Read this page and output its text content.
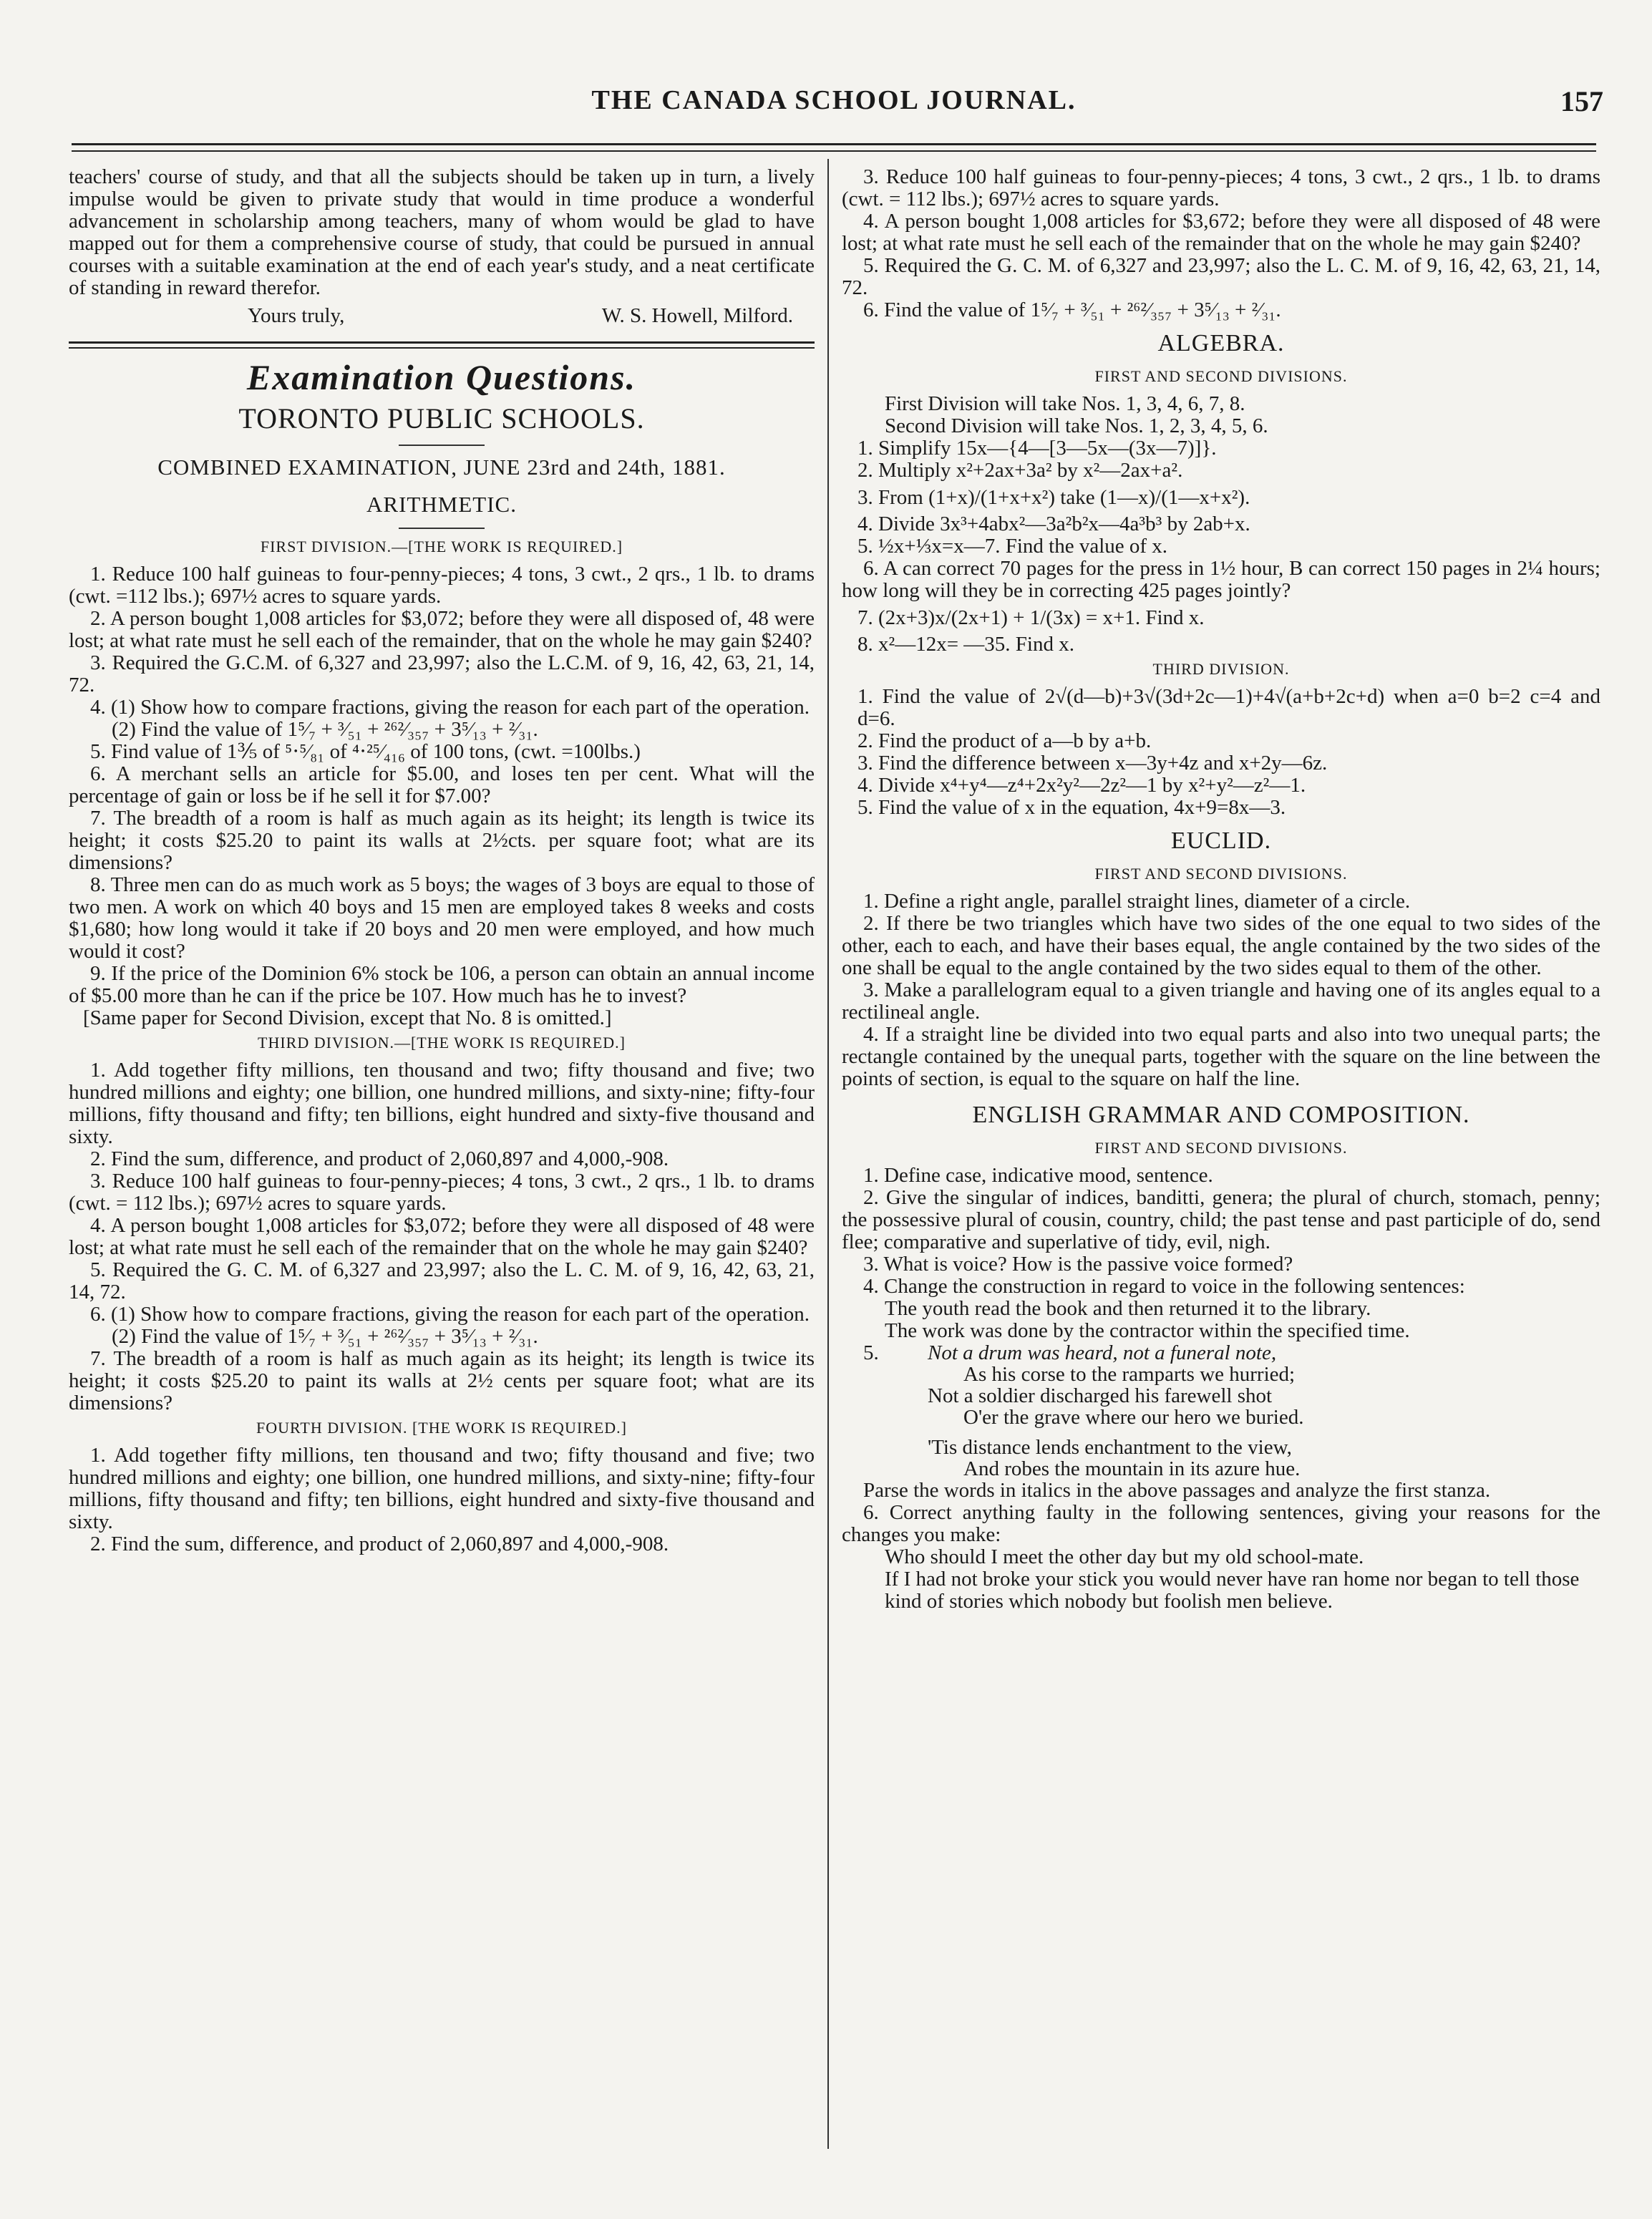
THE CANADA SCHOOL JOURNAL.	157

teachers' course of study, and that all the subjects should be taken up in turn, a lively impulse would be given to private study that would in time produce a wonderful advancement in scholarship among teachers, many of whom would be glad to have mapped out for them a comprehensive course of study, that could be pursued in annual courses with a suitable examination at the end of each year's study, and a neat certificate of standing in reward therefor.

Yours truly,	W. S. Howell, Milford.
Examination Questions.
TORONTO PUBLIC SCHOOLS.
COMBINED EXAMINATION, JUNE 23rd and 24th, 1881.
ARITHMETIC.
FIRST DIVISION.—[THE WORK IS REQUIRED.]

1. Reduce 100 half guineas to four-penny-pieces; 4 tons, 3 cwt., 2 qrs., 1 lb. to drams (cwt. =112 lbs.); 697½ acres to square yards.

2. A person bought 1,008 articles for $3,072; before they were all disposed of, 48 were lost; at what rate must he sell each of the remainder, that on the whole he may gain $240?

3. Required the G.C.M. of 6,327 and 23,997; also the L.C.M. of 9, 16, 42, 63, 21, 14, 72.

4. (1) Show how to compare fractions, giving the reason for each part of the operation.

(2) Find the value of 1⁵⁄₇ + ³⁄₅₁ + ²⁶²⁄₃₅₇ + 3⁵⁄₁₃ + ²⁄₃₁.

5. Find value of 1⅗ of ⁵⋅⁵⁄₈₁ of ⁴⋅²⁵⁄₄₁₆ of 100 tons, (cwt. =100lbs.)

6. A merchant sells an article for $5.00, and loses ten per cent. What will the percentage of gain or loss be if he sell it for $7.00?

7. The breadth of a room is half as much again as its height; its length is twice its height; it costs $25.20 to paint its walls at 2½cts. per square foot; what are its dimensions?

8. Three men can do as much work as 5 boys; the wages of 3 boys are equal to those of two men. A work on which 40 boys and 15 men are employed takes 8 weeks and costs $1,680; how long would it take if 20 boys and 20 men were employed, and how much would it cost?

9. If the price of the Dominion 6% stock be 106, a person can obtain an annual income of $5.00 more than he can if the price be 107. How much has he to invest?

[Same paper for Second Division, except that No. 8 is omitted.]

THIRD DIVISION.—[THE WORK IS REQUIRED.]

1. Add together fifty millions, ten thousand and two; fifty thousand and five; two hundred millions and eighty; one billion, one hundred millions, and sixty-nine; fifty-four millions, fifty thousand and fifty; ten billions, eight hundred and sixty-five thousand and sixty.

2. Find the sum, difference, and product of 2,060,897 and 4,000,-908.

3. Reduce 100 half guineas to four-penny-pieces; 4 tons, 3 cwt., 2 qrs., 1 lb. to drams (cwt. = 112 lbs.); 697½ acres to square yards.

4. A person bought 1,008 articles for $3,072; before they were all disposed of 48 were lost; at what rate must he sell each of the remainder that on the whole he may gain $240?

5. Required the G. C. M. of 6,327 and 23,997; also the L. C. M. of 9, 16, 42, 63, 21, 14, 72.

6. (1) Show how to compare fractions, giving the reason for each part of the operation.

(2) Find the value of 1⁵⁄₇ + ³⁄₅₁ + ²⁶²⁄₃₅₇ + 3⁵⁄₁₃ + ²⁄₃₁.

7. The breadth of a room is half as much again as its height; its length is twice its height; it costs $25.20 to paint its walls at 2½ cents per square foot; what are its dimensions?

FOURTH DIVISION. [THE WORK IS REQUIRED.]

1. Add together fifty millions, ten thousand and two; fifty thousand and five; two hundred millions and eighty; one billion, one hundred millions, and sixty-nine; fifty-four millions, fifty thousand and fifty; ten billions, eight hundred and sixty-five thousand and sixty.

2. Find the sum, difference, and product of 2,060,897 and 4,000,-908.

3. Reduce 100 half guineas to four-penny-pieces; 4 tons, 3 cwt., 2 qrs., 1 lb. to drams (cwt. = 112 lbs.); 697½ acres to square yards.

4. A person bought 1,008 articles for $3,672; before they were all disposed of 48 were lost; at what rate must he sell each of the remainder that on the whole he may gain $240?

5. Required the G. C. M. of 6,327 and 23,997; also the L. C. M. of 9, 16, 42, 63, 21, 14, 72.

6. Find the value of 1⁵⁄₇ + ³⁄₅₁ + ²⁶²⁄₃₅₇ + 3⁵⁄₁₃ + ²⁄₃₁.

ALGEBRA.
FIRST AND SECOND DIVISIONS.

First Division will take Nos. 1, 3, 4, 6, 7, 8.

Second Division will take Nos. 1, 2, 3, 4, 5, 6.

1. Simplify 15x—{4—[3—5x—(3x—7)]}.

2. Multiply x²+2ax+3a² by x²—2ax+a².

3. From (1+x)/(1+x+x²) take (1—x)/(1—x+x²).

4. Divide 3x³+4abx²—3a²b²x—4a³b³ by 2ab+x.

5. ½x+⅓x=x—7. Find the value of x.

6. A can correct 70 pages for the press in 1½ hour, B can correct 150 pages in 2¼ hours; how long will they be in correcting 425 pages jointly?

7. (2x+3)x/(2x+1) + 1/(3x) = x+1. Find x.

8. x²—12x= —35. Find x.

THIRD DIVISION.

1. Find the value of 2√(d—b)+3√(3d+2c—1)+4√(a+b+2c+d) when a=0 b=2 c=4 and d=6.

2. Find the product of a—b by a+b.

3. Find the difference between x—3y+4z and x+2y—6z.

4. Divide x⁴+y⁴—z⁴+2x²y²—2z²—1 by x²+y²—z²—1.

5. Find the value of x in the equation, 4x+9=8x—3.

EUCLID.
FIRST AND SECOND DIVISIONS.

1. Define a right angle, parallel straight lines, diameter of a circle.

2. If there be two triangles which have two sides of the one equal to two sides of the other, each to each, and have their bases equal, the angle contained by the two sides of the one shall be equal to the angle contained by the two sides equal to them of the other.

3. Make a parallelogram equal to a given triangle and having one of its angles equal to a rectilineal angle.

4. If a straight line be divided into two equal parts and also into two unequal parts; the rectangle contained by the unequal parts, together with the square on the line between the points of section, is equal to the square on half the line.

ENGLISH GRAMMAR AND COMPOSITION.
FIRST AND SECOND DIVISIONS.

1. Define case, indicative mood, sentence.

2. Give the singular of indices, banditti, genera; the plural of church, stomach, penny; the possessive plural of cousin, country, child; the past tense and past participle of do, send flee; comparative and superlative of tidy, evil, nigh.

3. What is voice? How is the passive voice formed?

4. Change the construction in regard to voice in the following sentences:

The youth read the book and then returned it to the library.

The work was done by the contractor within the specified time.

5.	Not a drum was heard, not a funeral note,

As his corse to the ramparts we hurried;

Not a soldier discharged his farewell shot

O'er the grave where our hero we buried.

'Tis distance lends enchantment to the view,

And robes the mountain in its azure hue.

Parse the words in italics in the above passages and analyze the first stanza.

6. Correct anything faulty in the following sentences, giving your reasons for the changes you make:

Who should I meet the other day but my old school-mate.

If I had not broke your stick you would never have ran home nor began to tell those kind of stories which nobody but foolish men believe.
